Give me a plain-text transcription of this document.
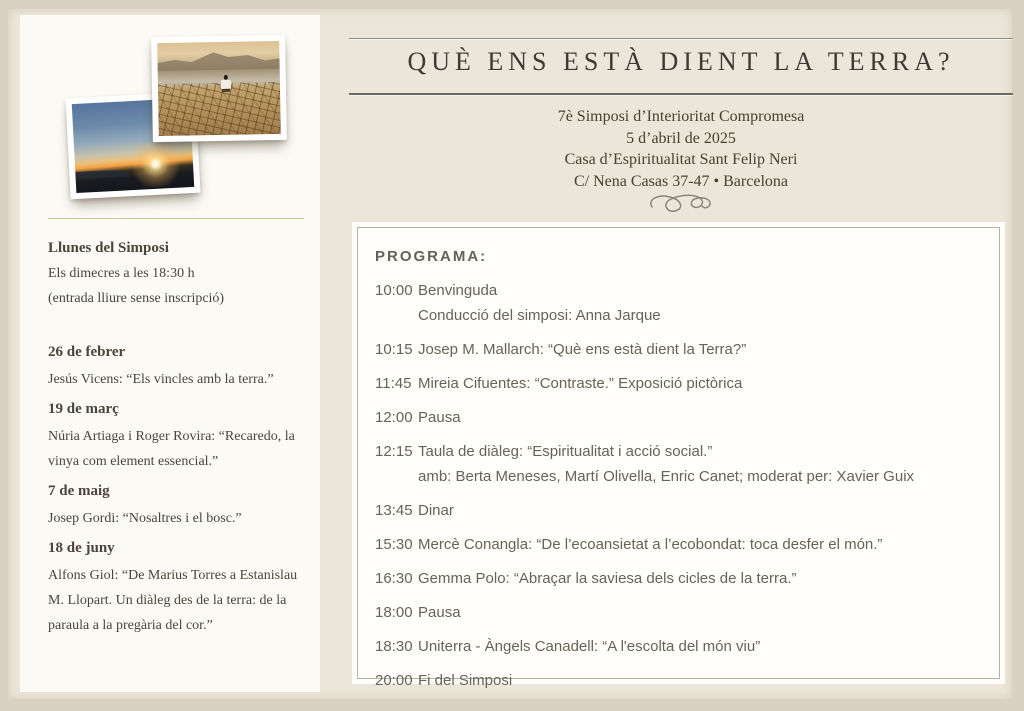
Llunes del Simposi

Els dimecres a les 18:30 h

(entrada lliure sense inscripció)

26 de febrer

Jesús Vicens: “Els vincles amb la terra.”

19 de març

Núria Artiaga i Roger Rovira: “Recaredo, la vinya com element essencial.”

7 de maig

Josep Gordi: “Nosaltres i el bosc.”

18 de juny

Alfons Giol: “De Marius Torres a Estanislau M. Llopart. Un diàleg des de la terra: de la paraula a la pregària del cor.”

QUÈ ENS ESTÀ DIENT LA TERRA?

7è Simposi d’Interioritat Compromesa

5 d’abril de 2025

Casa d’Espiritualitat Sant Felip Neri

C/ Nena Casas 37-47 • Barcelona

PROGRAMA:
10:00 Benvinguda
Conducció del simposi: Anna Jarque
10:15 Josep M. Mallarch: “Què ens està dient la Terra?”
11:45 Mireia Cifuentes: “Contraste.” Exposició pictòrica
12:00 Pausa
12:15 Taula de diàleg: “Espiritualitat i acció social.”
amb: Berta Meneses, Martí Olivella, Enric Canet; moderat per: Xavier Guix
13:45 Dinar
15:30 Mercè Conangla: “De l’ecoansietat a l’ecobondat: toca desfer el món.”
16:30 Gemma Polo: “Abraçar la saviesa dels cicles de la terra.”
18:00 Pausa
18:30 Uniterra - Àngels Canadell: “A l'escolta del món viu”
20:00 Fi del Simposi
